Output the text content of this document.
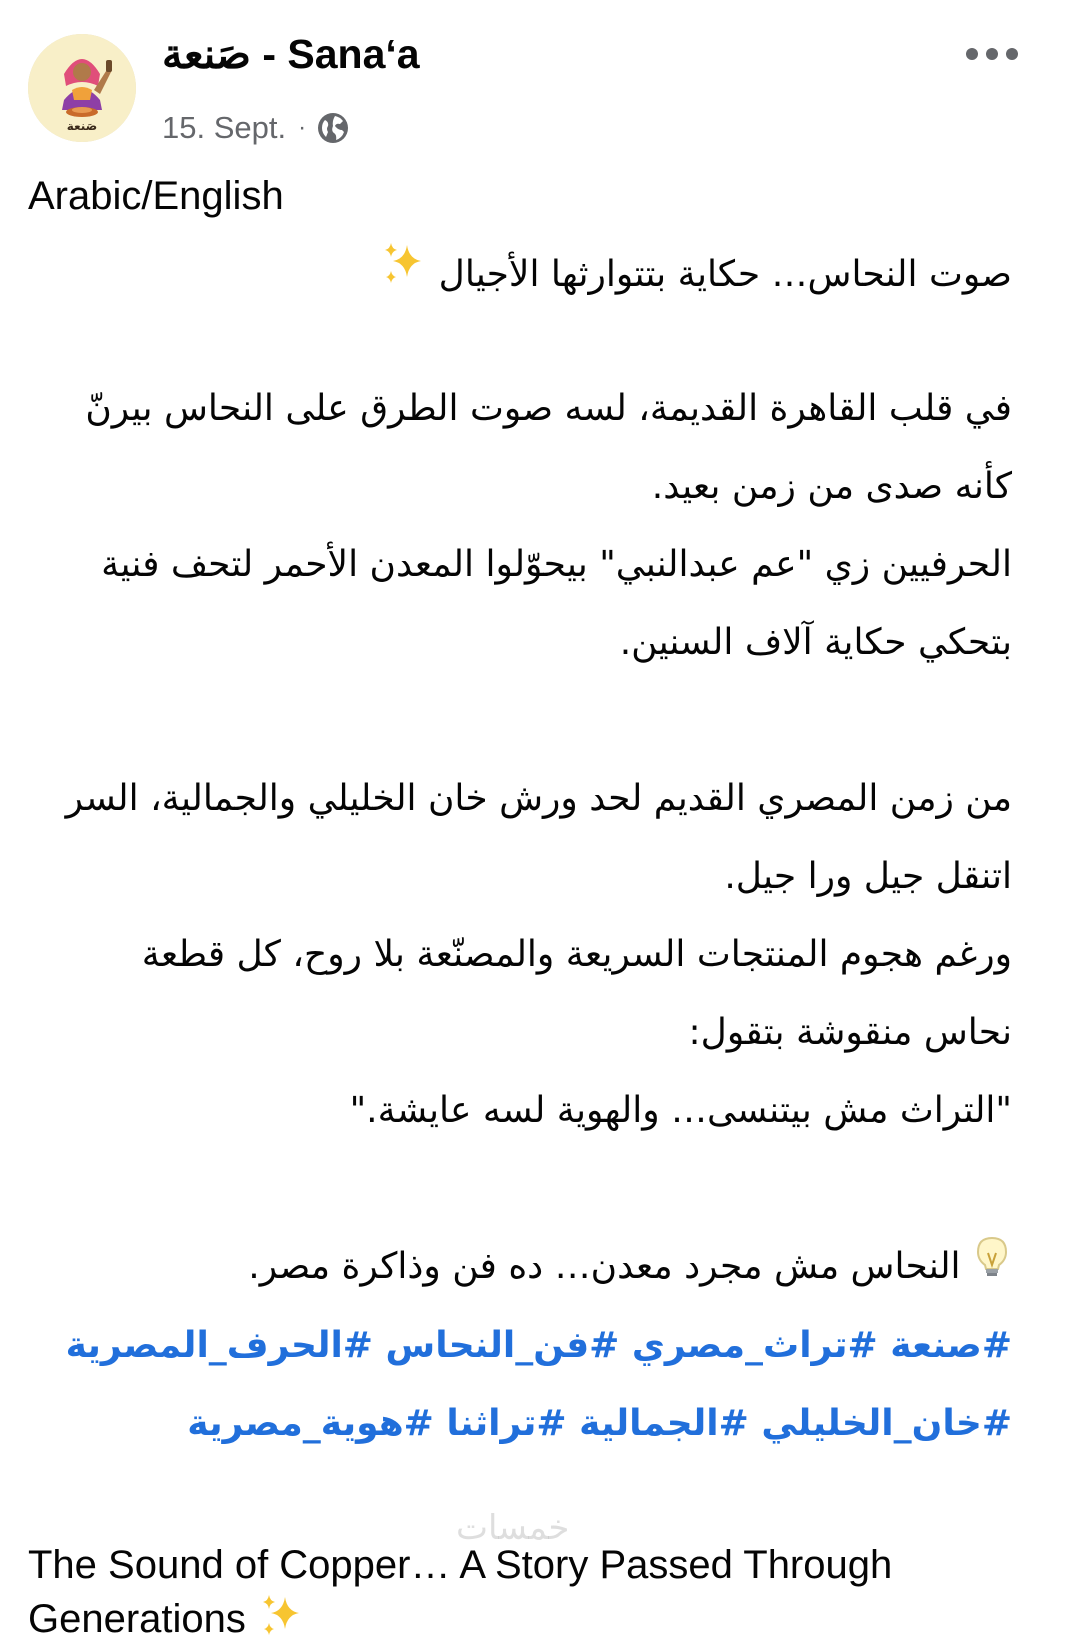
صَنعة
صَنعة - Sana‘a
15. Sept. ·
Arabic/English
صوت النحاس… حكاية بتتوارثها الأجيال
في قلب القاهرة القديمة، لسه صوت الطرق على النحاس بيرنّ
كأنه صدى من زمن بعيد.
الحرفيين زي "عم عبدالنبي" بيحوّلوا المعدن الأحمر لتحف فنية
بتحكي حكاية آلاف السنين.
من زمن المصري القديم لحد ورش خان الخليلي والجمالية، السر
اتنقل جيل ورا جيل.
ورغم هجوم المنتجات السريعة والمصنّعة بلا روح، كل قطعة
نحاس منقوشة بتقول:
"التراث مش بيتنسى… والهوية لسه عايشة."
النحاس مش مجرد معدن… ده فن وذاكرة مصر.
#صنعة #تراث_مصري #فن_النحاس #الحرف_المصرية
#خان_الخليلي #الجمالية #تراثنا #هوية_مصرية
The Sound of Copper… A Story Passed Through
Generations
خمسات
